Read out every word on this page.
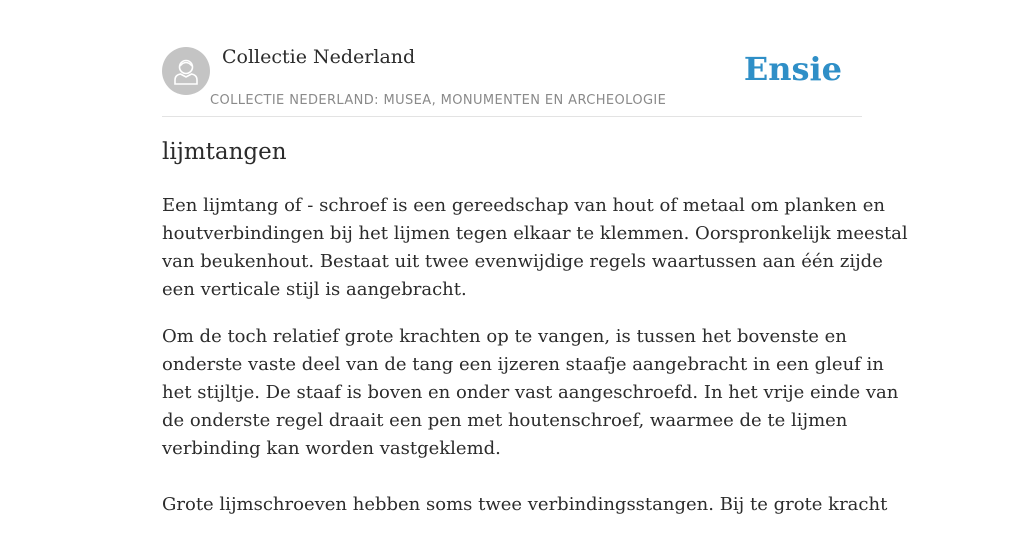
Collectie Nederland
COLLECTIE NEDERLAND: MUSEA, MONUMENTEN EN ARCHEOLOGIE
Ensie
lijmtangen

Een lijmtang of - schroef is een gereedschap van hout of metaal om planken en
houtverbindingen bij het lijmen tegen elkaar te klemmen. Oorspronkelijk meestal
van beukenhout. Bestaat uit twee evenwijdige regels waartussen aan één zijde
een verticale stijl is aangebracht.

Om de toch relatief grote krachten op te vangen, is tussen het bovenste en
onderste vaste deel van de tang een ijzeren staafje aangebracht in een gleuf in
het stijltje. De staaf is boven en onder vast aangeschroefd. In het vrije einde van
de onderste regel draait een pen met houtenschroef, waarmee de te lijmen
verbinding kan worden vastgeklemd.
Grote lijmschroeven hebben soms twee verbindingsstangen. Bij te grote kracht
